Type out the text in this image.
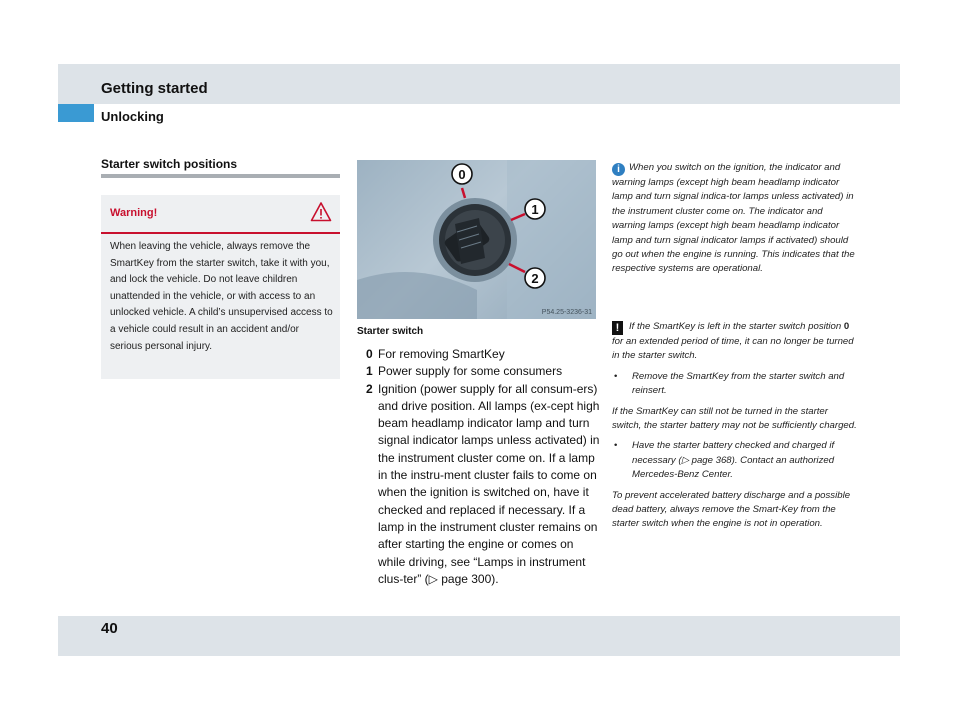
Getting started
Unlocking
Starter switch positions
Warning!
When leaving the vehicle, always remove the SmartKey from the starter switch, take it with you, and lock the vehicle. Do not leave children unattended in the vehicle, or with access to an unlocked vehicle. A child’s unsupervised access to a vehicle could result in an accident and/or serious personal injury.
0
1
2
P54.25-3236-31
Starter switch
0 For removing SmartKey
1 Power supply for some consumers
2 Ignition (power supply for all consum-ers) and drive position. All lamps (ex-cept high beam headlamp indicator lamp and turn signal indicator lamps unless activated) in the instrument cluster come on. If a lamp in the instru-ment cluster fails to come on when the ignition is switched on, have it checked and replaced if necessary. If a lamp in the instrument cluster remains on after starting the engine or comes on while driving, see “Lamps in instrument clus-ter” (▷ page 300).

i When you switch on the ignition, the indicator and warning lamps (except high beam headlamp indicator lamp and turn signal indica-tor lamps unless activated) in the instrument cluster come on. The indicator and warning lamps (except high beam headlamp indicator lamp and turn signal indicator lamps if activated) should go out when the engine is running. This indicates that the respective systems are operational.

! If the SmartKey is left in the starter switch position 0 for an extended period of time, it can no longer be turned in the starter switch.

• Remove the SmartKey from the starter switch and reinsert.

If the SmartKey can still not be turned in the starter switch, the starter battery may not be sufficiently charged.

• Have the starter battery checked and charged if necessary (▷ page 368). Contact an authorized Mercedes-Benz Center.

To prevent accelerated battery discharge and a possible dead battery, always remove the Smart-Key from the starter switch when the engine is not in operation.

40
